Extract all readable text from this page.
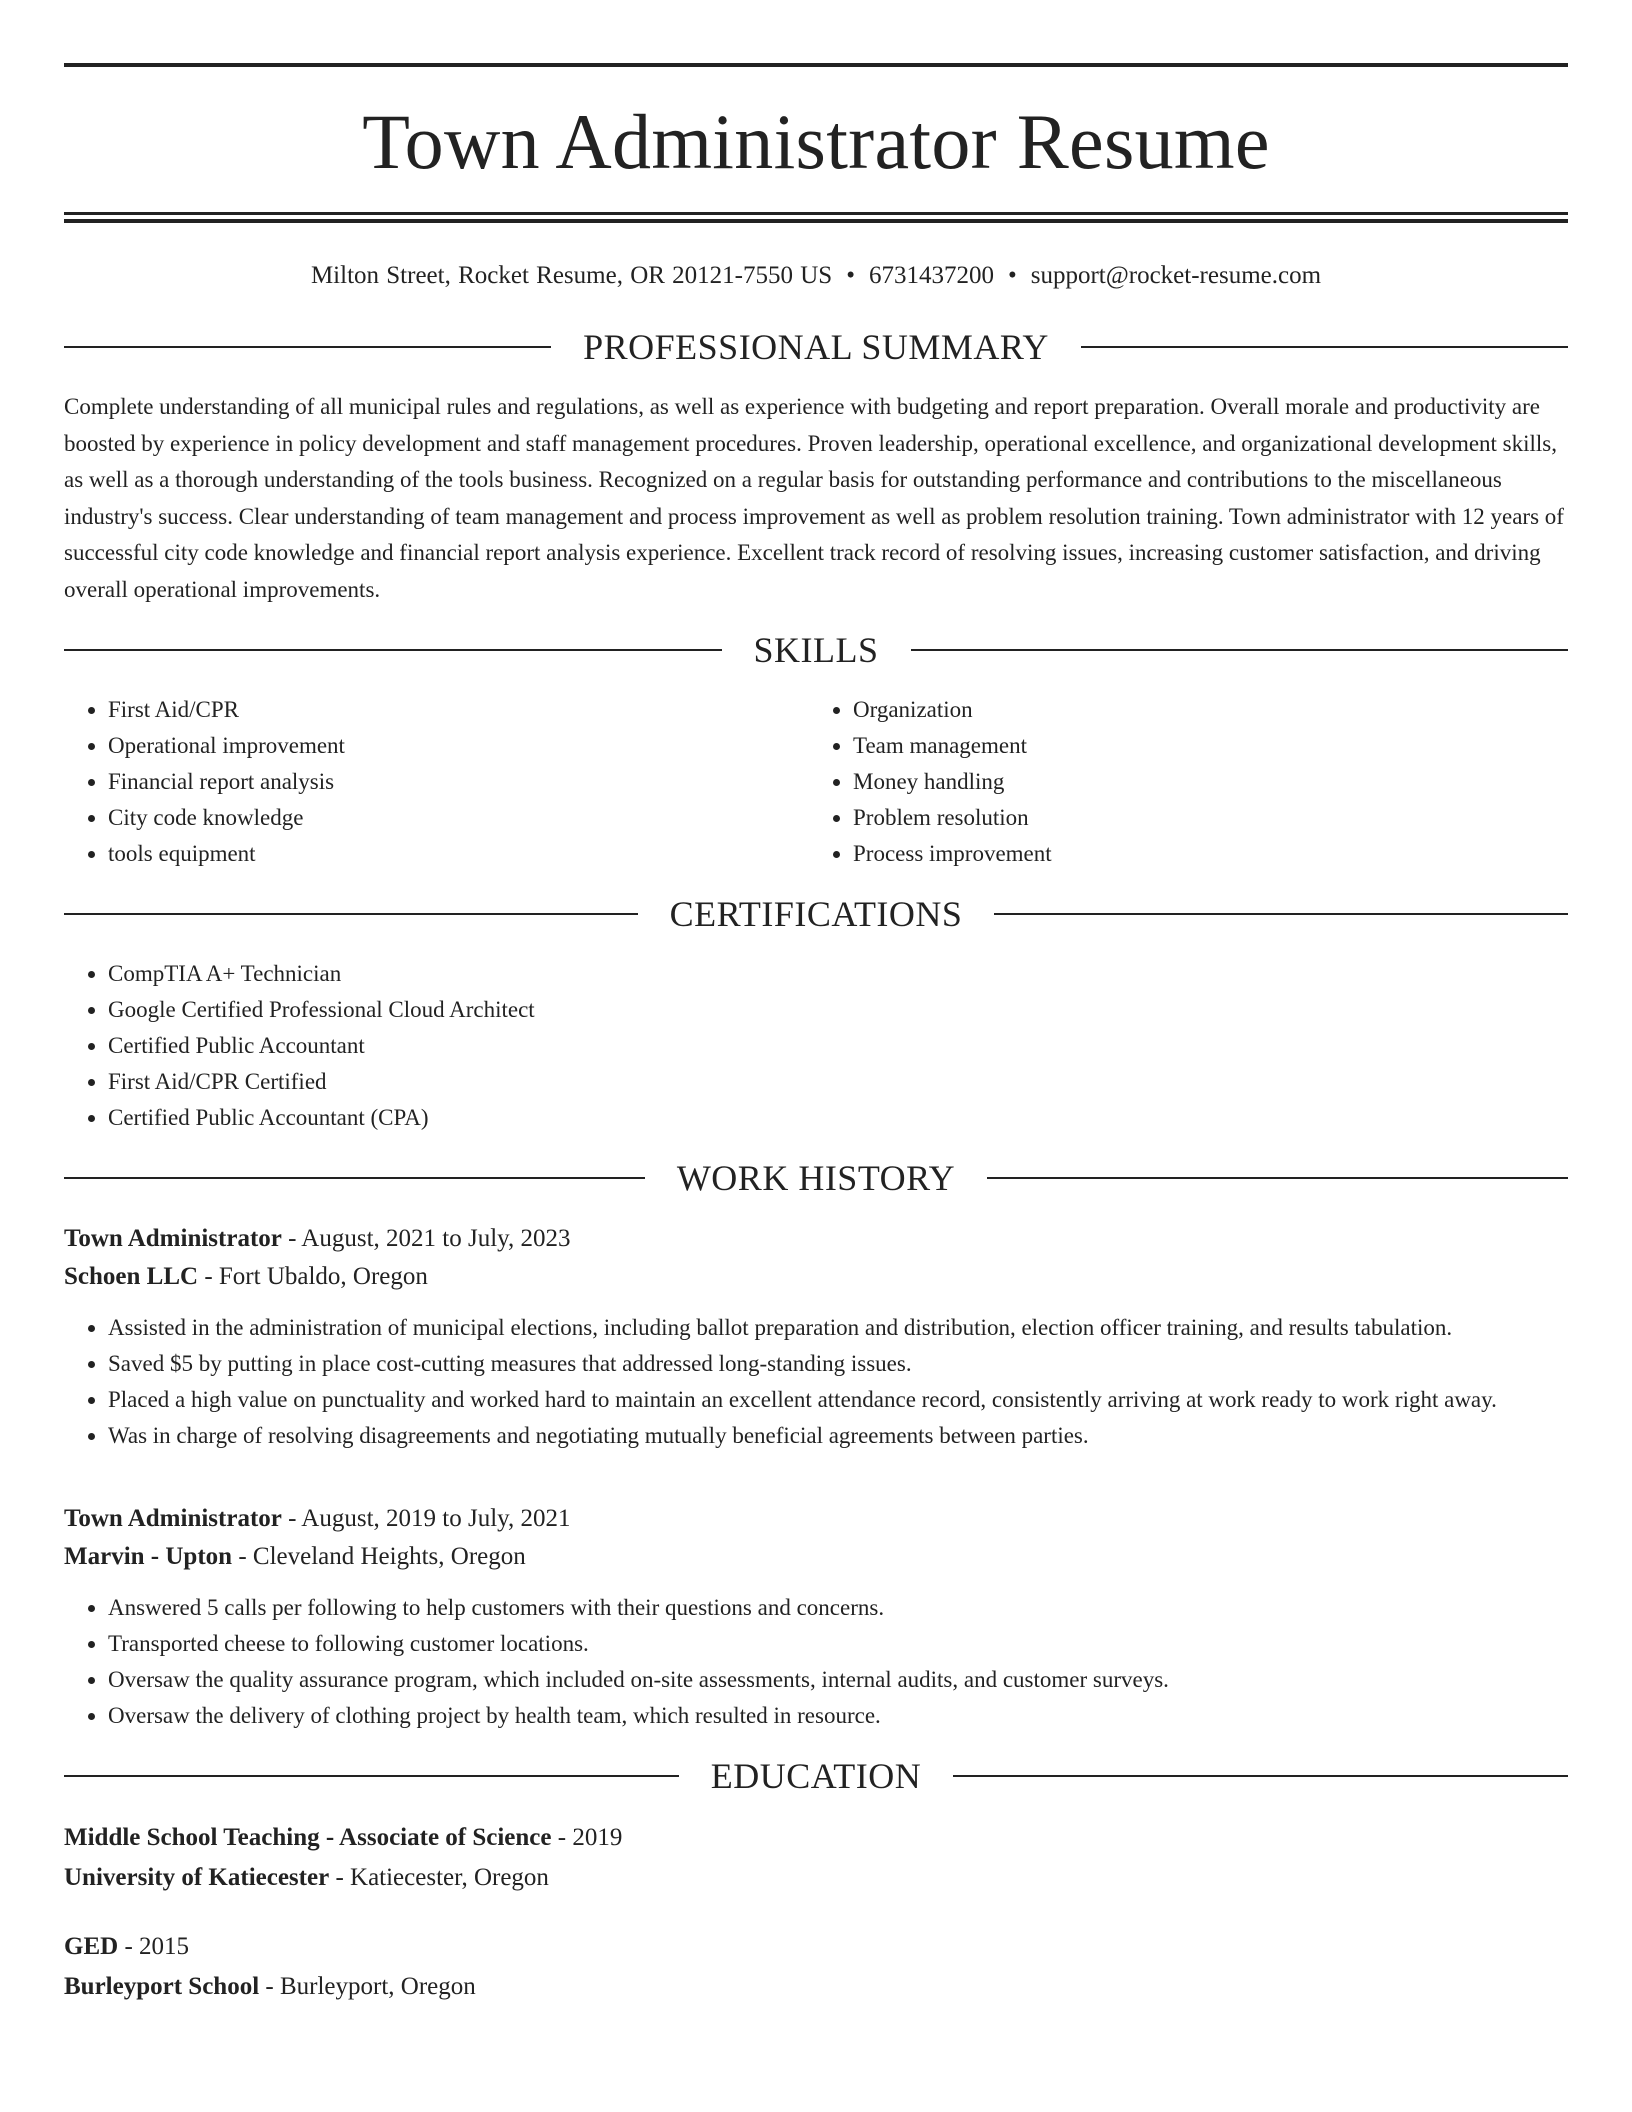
Town Administrator Resume
Milton Street, Rocket Resume, OR 20121-7550 US • 6731437200 • support@rocket-resume.com
PROFESSIONAL SUMMARY

Complete understanding of all municipal rules and regulations, as well as experience with budgeting and report preparation. Overall morale and productivity are boosted by experience in policy development and staff management procedures. Proven leadership, operational excellence, and organizational development skills, as well as a thorough understanding of the tools business. Recognized on a regular basis for outstanding performance and contributions to the miscellaneous industry's success. Clear understanding of team management and process improvement as well as problem resolution training. Town administrator with 12 years of successful city code knowledge and financial report analysis experience. Excellent track record of resolving issues, increasing customer satisfaction, and driving overall operational improvements.

SKILLS
• First Aid/CPR
• Operational improvement
• Financial report analysis
• City code knowledge
• tools equipment
• Organization
• Team management
• Money handling
• Problem resolution
• Process improvement
CERTIFICATIONS
• CompTIA A+ Technician
• Google Certified Professional Cloud Architect
• Certified Public Accountant
• First Aid/CPR Certified
• Certified Public Accountant (CPA)
WORK HISTORY
Town Administrator - August, 2021 to July, 2023
Schoen LLC - Fort Ubaldo, Oregon
• Assisted in the administration of municipal elections, including ballot preparation and distribution, election officer training, and results tabulation.
• Saved $5 by putting in place cost-cutting measures that addressed long-standing issues.
• Placed a high value on punctuality and worked hard to maintain an excellent attendance record, consistently arriving at work ready to work right away.
• Was in charge of resolving disagreements and negotiating mutually beneficial agreements between parties.
Town Administrator - August, 2019 to July, 2021
Marvin - Upton - Cleveland Heights, Oregon
• Answered 5 calls per following to help customers with their questions and concerns.
• Transported cheese to following customer locations.
• Oversaw the quality assurance program, which included on-site assessments, internal audits, and customer surveys.
• Oversaw the delivery of clothing project by health team, which resulted in resource.
EDUCATION
Middle School Teaching - Associate of Science - 2019
University of Katiecester - Katiecester, Oregon
GED - 2015
Burleyport School - Burleyport, Oregon
